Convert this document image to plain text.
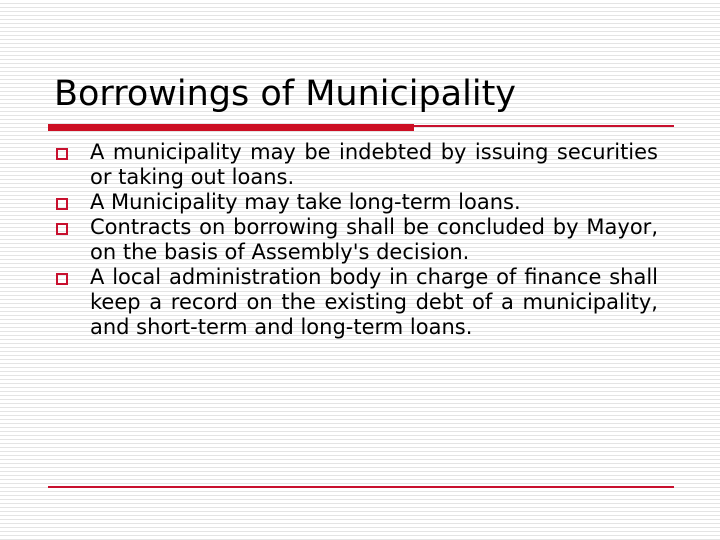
Borrowings of Municipality
A municipality may be indebted by issuing securities or taking out loans.
A Municipality may take long-term loans.
Contracts on borrowing shall be concluded by Mayor, on the basis of Assembly's decision.
A local administration body in charge of finance shall keep a record on the existing debt of a municipality, and short-term and long-term loans.
